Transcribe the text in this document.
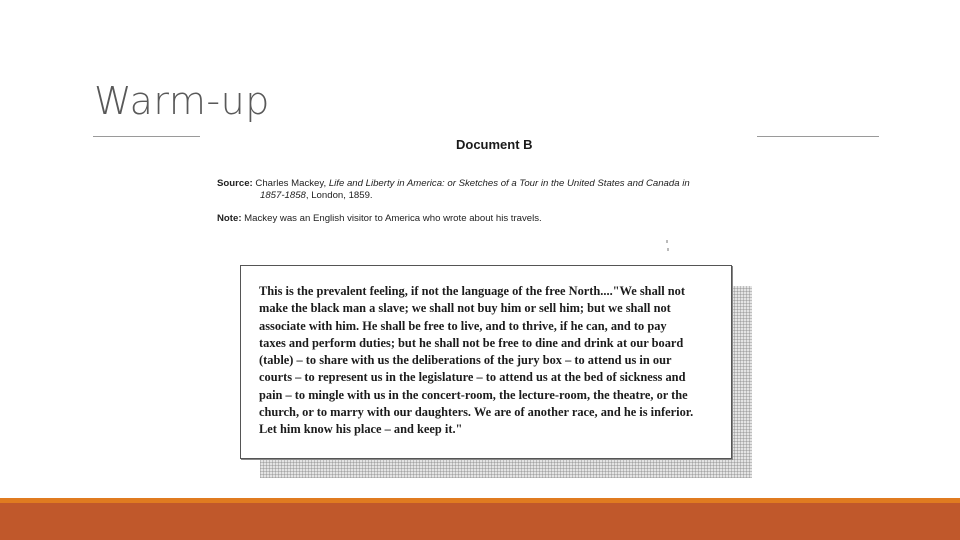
Warm-up

Document B

Source: Charles Mackey, Life and Liberty in America: or Sketches of a Tour in the United States and Canada in
1857-1858, London, 1859.
Note: Mackey was an English visitor to America who wrote about his travels.

This is the prevalent feeling, if not the language of the free North...."We shall not
make the black man a slave; we shall not buy him or sell him; but we shall not
associate with him. He shall be free to live, and to thrive, if he can, and to pay
taxes and perform duties; but he shall not be free to dine and drink at our board
(table) – to share with us the deliberations of the jury box – to attend us in our
courts – to represent us in the legislature – to attend us at the bed of sickness and
pain – to mingle with us in the concert-room, the lecture-room, the theatre, or the
church, or to marry with our daughters. We are of another race, and he is inferior.
Let him know his place – and keep it."
